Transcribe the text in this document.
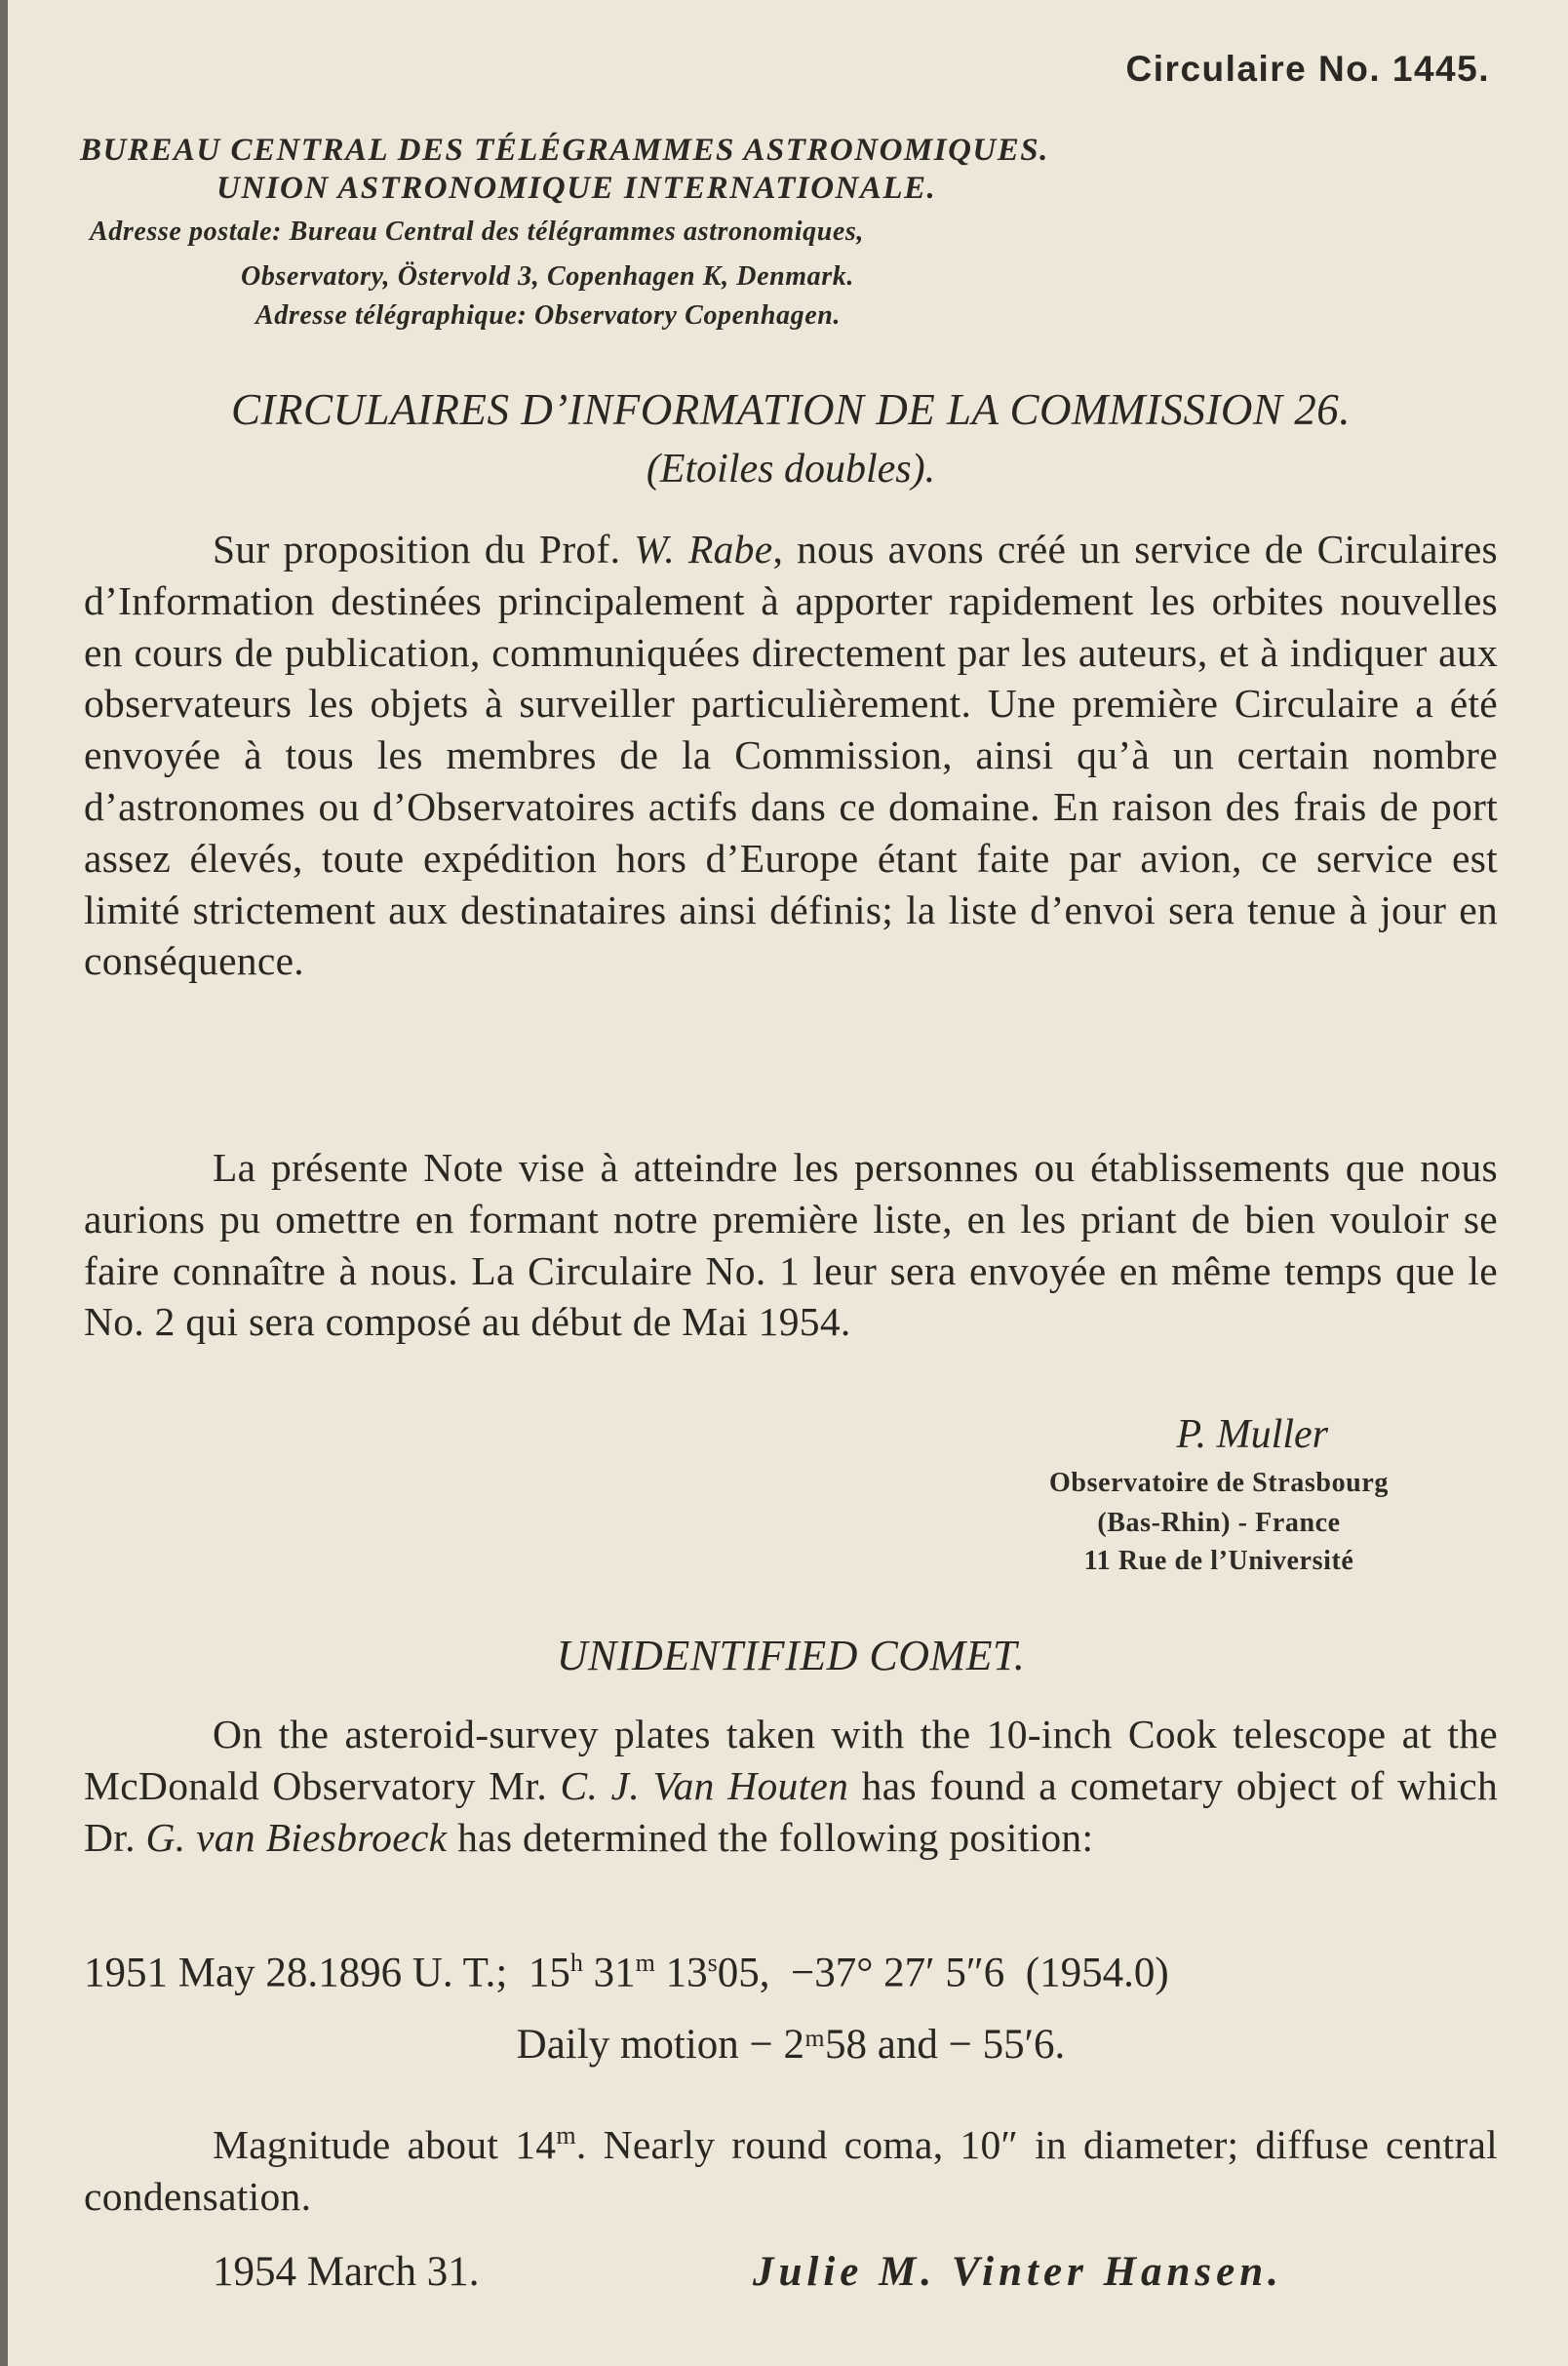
Circulaire No. 1445.
BUREAU CENTRAL DES TÉLÉGRAMMES ASTRONOMIQUES.
UNION ASTRONOMIQUE INTERNATIONALE.
Adresse postale: Bureau Central des télégrammes astronomiques,
Observatory, Östervold 3, Copenhagen K, Denmark.
Adresse télégraphique: Observatory Copenhagen.
CIRCULAIRES D’INFORMATION DE LA COMMISSION 26.
(Etoiles doubles).

Sur proposition du Prof. W. Rabe, nous avons créé un service de Circulaires d’Information destinées principalement à apporter rapidement les orbites nouvelles en cours de publication, communiquées directement par les auteurs, et à indiquer aux observateurs les objets à surveiller particulièrement. Une première Circulaire a été envoyée à tous les membres de la Commission, ainsi qu’à un certain nombre d’astronomes ou d’Observatoires actifs dans ce domaine. En raison des frais de port assez élevés, toute expédition hors d’Europe étant faite par avion, ce service est limité strictement aux destinataires ainsi définis; la liste d’envoi sera tenue à jour en conséquence.

La présente Note vise à atteindre les personnes ou établissements que nous aurions pu omettre en formant notre première liste, en les priant de bien vouloir se faire connaître à nous. La Circulaire No. 1 leur sera envoyée en même temps que le No. 2 qui sera composé au début de Mai 1954.

P. Muller
Observatoire de Strasbourg
(Bas-Rhin) - France
11 Rue de l’Université
UNIDENTIFIED COMET.

On the asteroid-survey plates taken with the 10-inch Cook telescope at the McDonald Observatory Mr. C. J. Van Houten has found a cometary object of which Dr. G. van Biesbroeck has determined the following position:

1951 May 28.1896 U. T.; 15$^h$ 31$^m$ $13^s05$, −37° 27′ 5″6 (1954.0)
Daily motion − 2ᵐ58 and − 55′6.

Magnitude about 14$^m$. Nearly round coma, 10″ in diameter; diffuse central condensation.

1954 March 31.	Julie M. Vinter Hansen.
